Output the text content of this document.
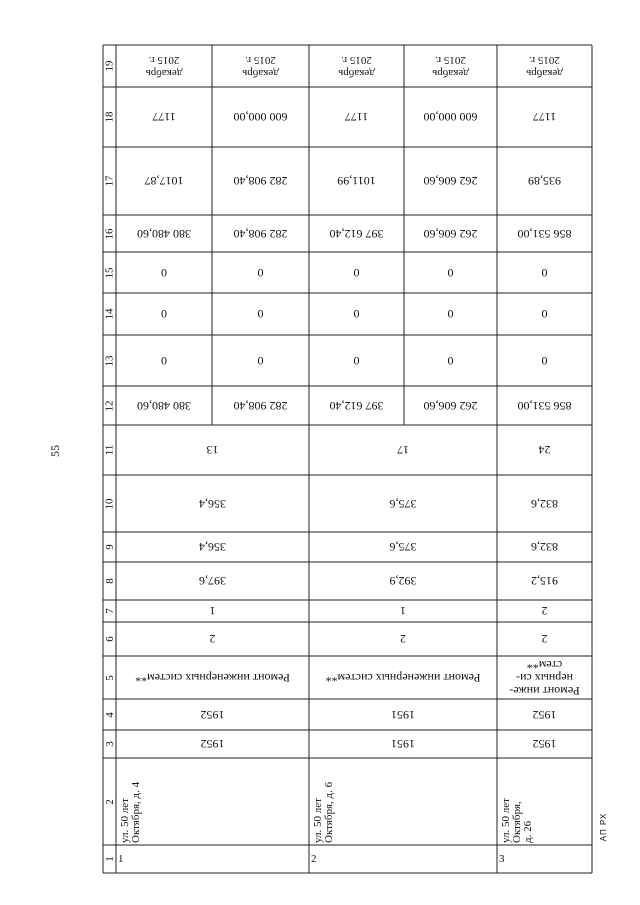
55
АП РХ
1
2
3
4
5
6
7
8
9
10
11
12
13
14
15
16
17
18
19
1
ул. 50 лет
Октября, д. 4
1952
1952
Ремонт инженерных систем**
2
1
397,6
356,4
356,4
13
380 480,60
0
0
0
380 480,60
1017,87
1177
декабрь
2015 г.
282 908,40
0
0
0
282 908,40
282 908,40
600 000,00
декабрь
2015 г.
2
ул. 50 лет
Октября, д. 6
1951
1951
Ремонт инженерных систем**
2
1
392,9
375,6
375,6
17
397 612,40
0
0
0
397 612,40
1011,99
1177
декабрь
2015 г.
262 606,60
0
0
0
262 606,60
262 606,60
600 000,00
декабрь
2015 г.
3
ул. 50 лет
Октября,
д. 26
1952
1952
Ремонт инже-
нерных си-
стем**
2
2
915,2
832,6
832,6
24
856 531,00
0
0
0
856 531,00
935,89
1177
декабрь
2015 г.
